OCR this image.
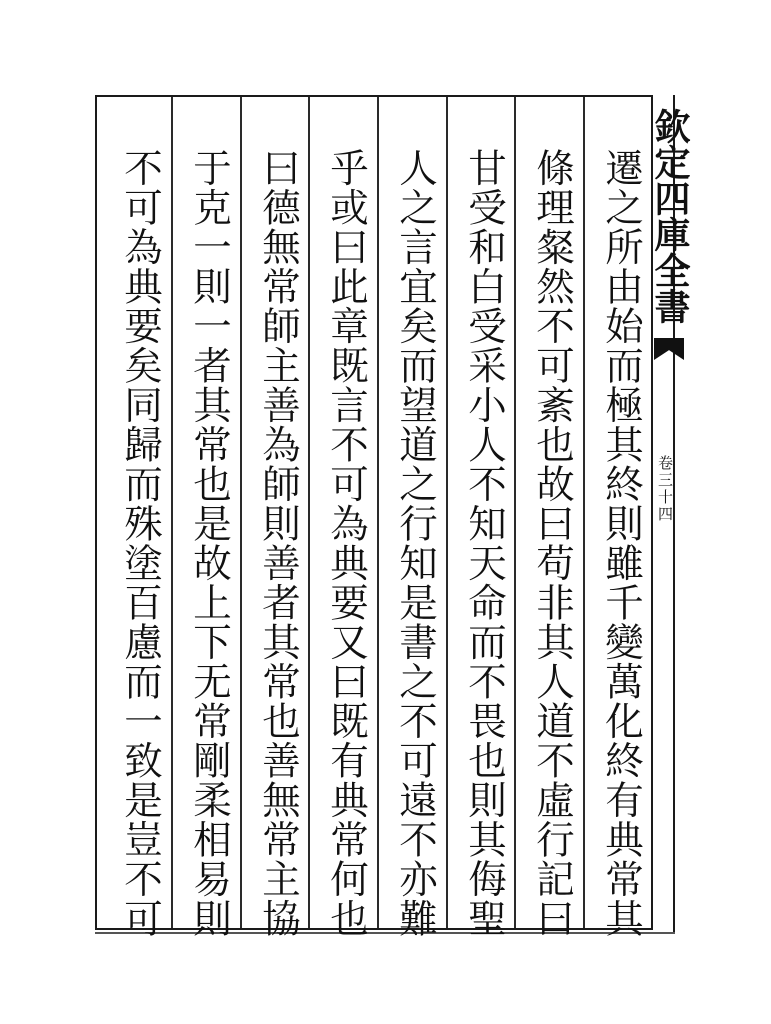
遷之所由始而極其終則雖千變萬化終有典常其
條理粲然不可紊也故曰苟非其人道不虛行記曰
甘受和白受采小人不知天命而不畏也則其侮聖
人之言宜矣而望道之行知是書之不可遠不亦難
乎或曰此章既言不可為典要又曰既有典常何也
曰德無常師主善為師則善者其常也善無常主協
于克一則一者其常也是故上下无常剛柔相易則
不可為典要矣同歸而殊塗百慮而一致是豈不可	欽定四庫全書
卷三十四
